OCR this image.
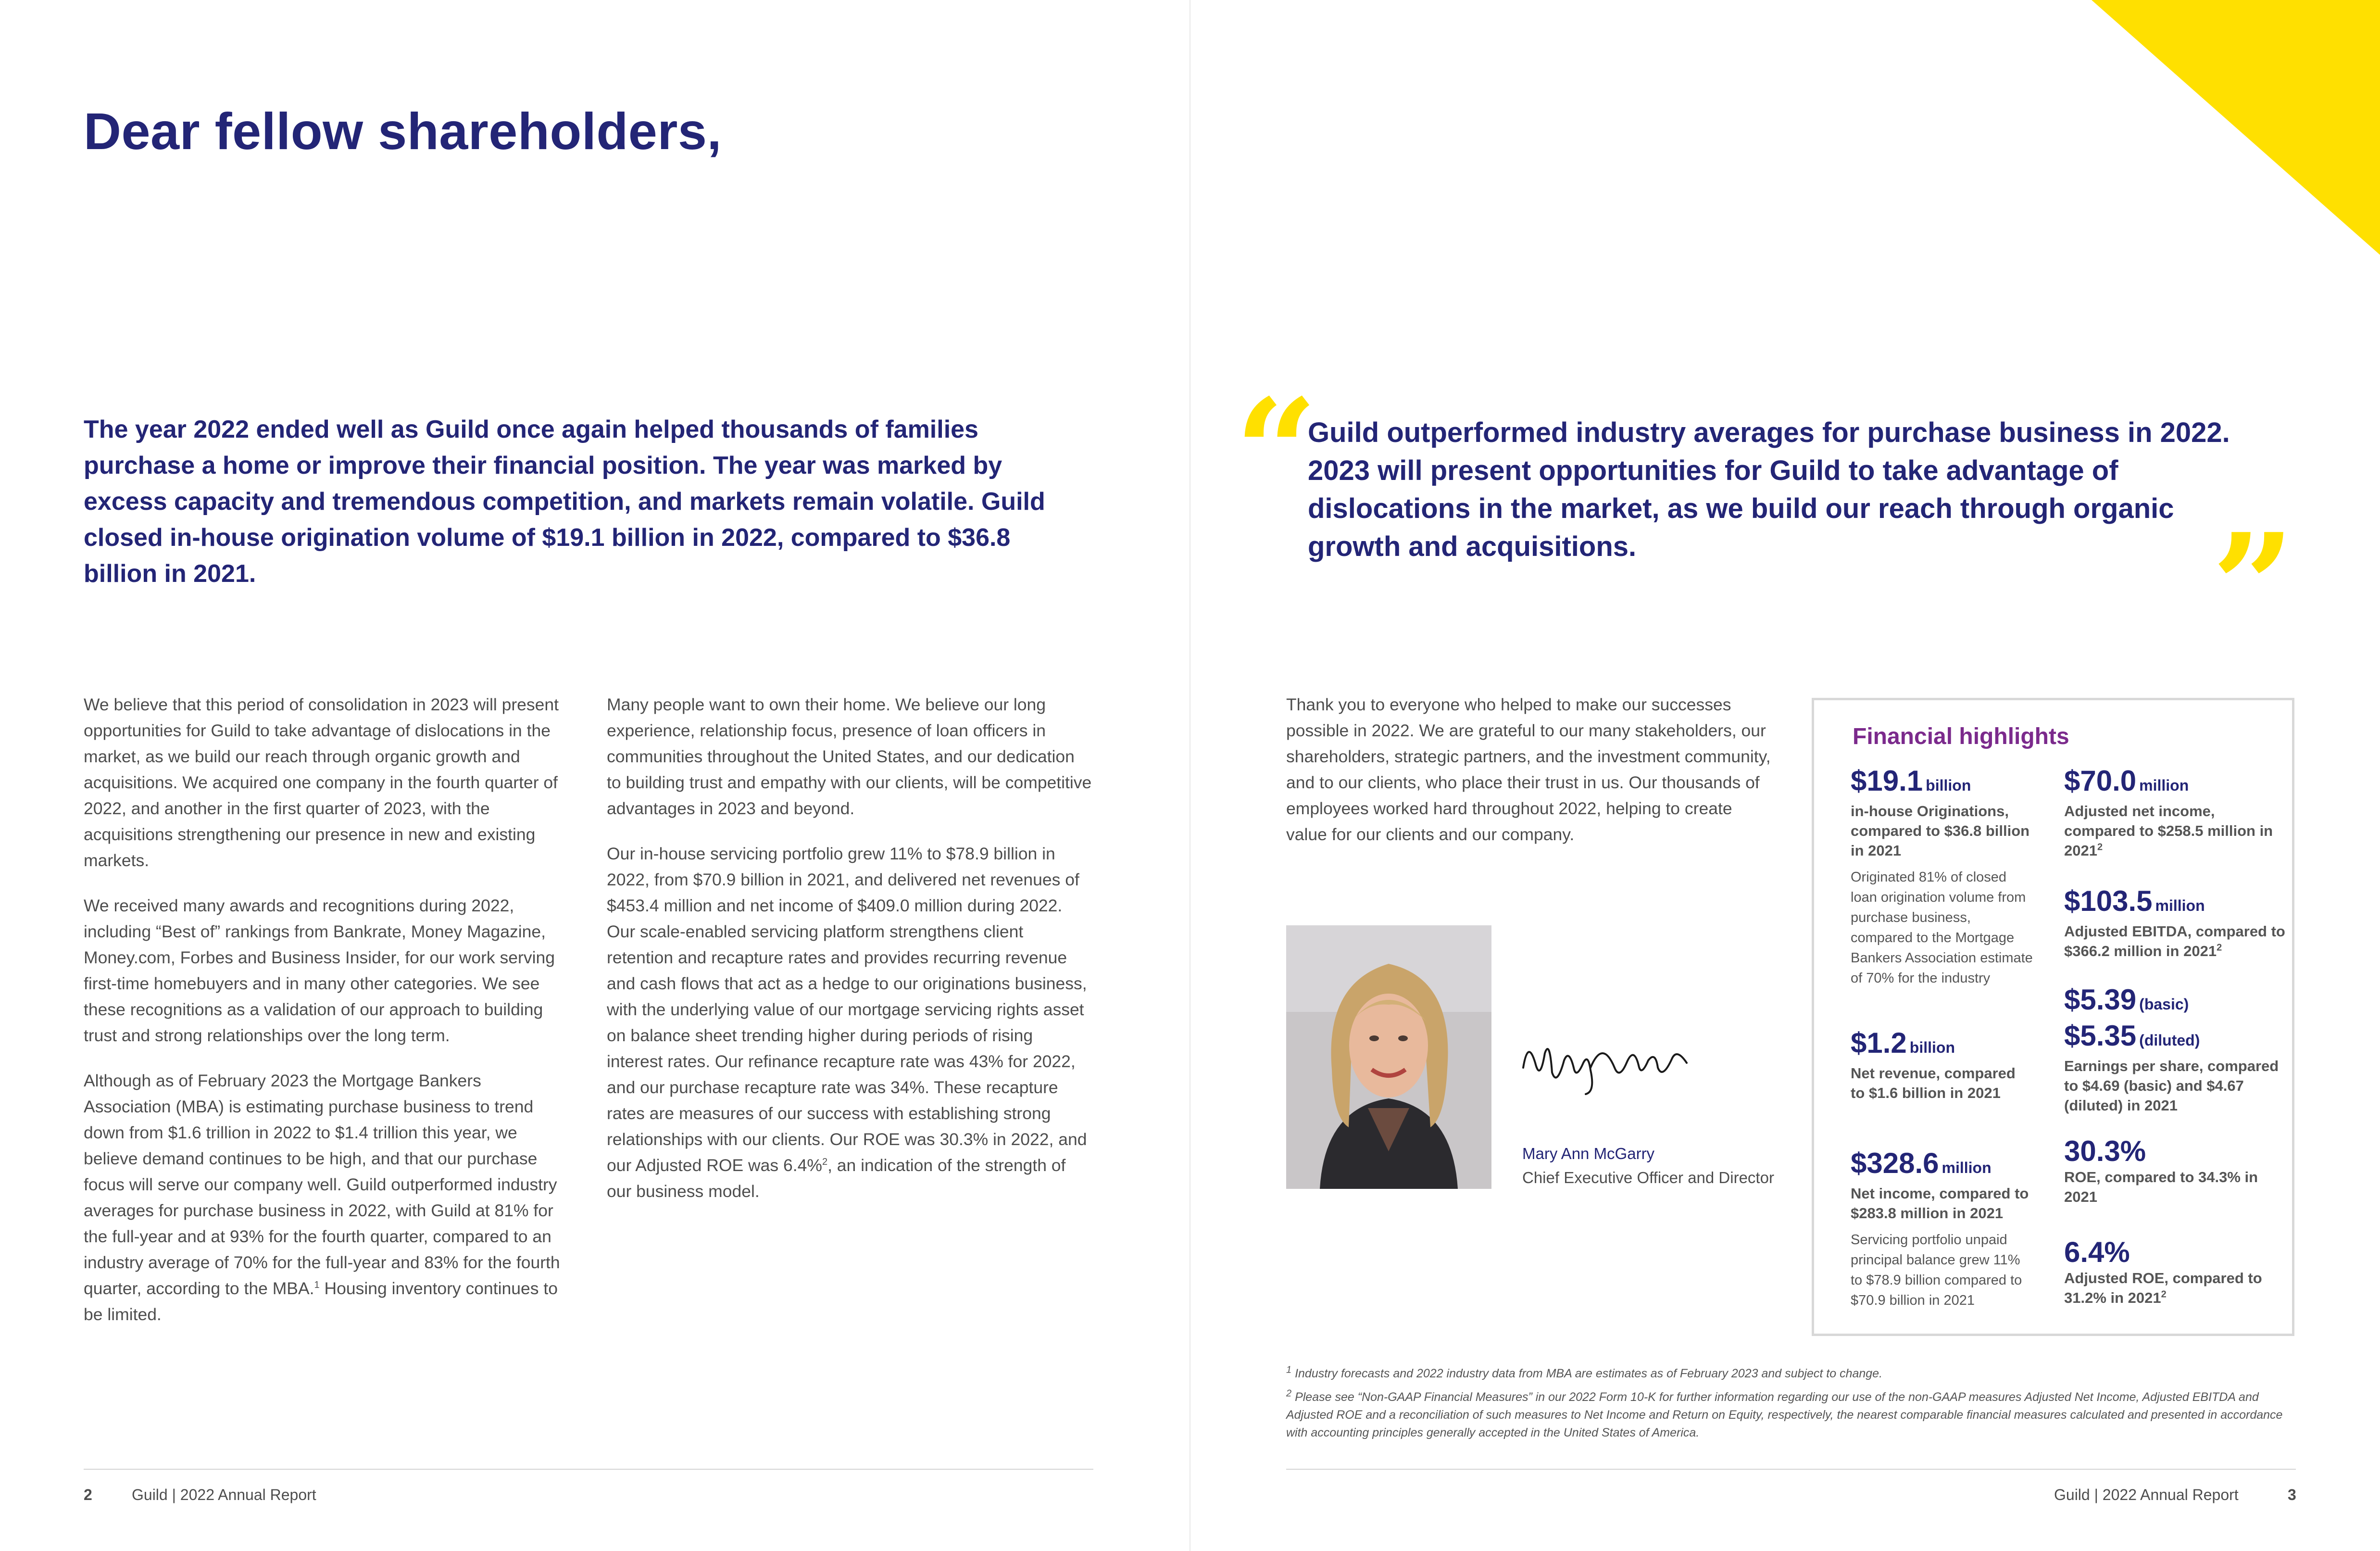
Dear fellow shareholders,

The year 2022 ended well as Guild once again helped thousands of families purchase a home or improve their financial position. The year was marked by excess capacity and tremendous competition, and markets remain volatile. Guild closed in-house origination volume of $19.1 billion in 2022, compared to $36.8 billion in 2021.

We believe that this period of consolidation in 2023 will present opportunities for Guild to take advantage of dislocations in the market, as we build our reach through organic growth and acquisitions. We acquired one company in the fourth quarter of 2022, and another in the first quarter of 2023, with the acquisitions strengthening our presence in new and existing markets.

We received many awards and recognitions during 2022, including “Best of” rankings from Bankrate, Money Magazine, Money.com, Forbes and Business Insider, for our work serving first-time homebuyers and in many other categories. We see these recognitions as a validation of our approach to building trust and strong relationships over the long term.

Although as of February 2023 the Mortgage Bankers Association (MBA) is estimating purchase business to trend down from $1.6 trillion in 2022 to $1.4 trillion this year, we believe demand continues to be high, and that our purchase focus will serve our company well. Guild outperformed industry averages for purchase business in 2022, with Guild at 81% for the full-year and at 93% for the fourth quarter, compared to an industry average of 70% for the full-year and 83% for the fourth quarter, according to the MBA.$^1$ Housing inventory continues to be limited.

Many people want to own their home. We believe our long experience, relationship focus, presence of loan officers in communities throughout the United States, and our dedication to building trust and empathy with our clients, will be competitive advantages in 2023 and beyond.

Our in-house servicing portfolio grew 11% to $78.9 billion in 2022, from $70.9 billion in 2021, and delivered net revenues of $453.4 million and net income of $409.0 million during 2022. Our scale-enabled servicing platform strengthens client retention and recapture rates and provides recurring revenue and cash flows that act as a hedge to our originations business, with the underlying value of our mortgage servicing rights asset on balance sheet trending higher during periods of rising interest rates. Our refinance recapture rate was 43% for 2022, and our purchase recapture rate was 34%. These recapture rates are measures of our success with establishing strong relationships with our clients. Our ROE was 30.3% in 2022, and our Adjusted ROE was 6.4%$^2$, an indication of the strength of our business model.

2	Guild | 2022 Annual Report
“

Guild outperformed industry averages for purchase business in 2022. 2023 will present opportunities for Guild to take advantage of dislocations in the market, as we build our reach through organic growth and acquisitions.	”

Thank you to everyone who helped to make our successes possible in 2022. We are grateful to our many stakeholders, our shareholders, strategic partners, and the investment community, and to our clients, who place their trust in us. Our thousands of employees worked hard throughout 2022, helping to create value for our clients and our company.

Mary Ann McGarry
Chief Executive Officer and Director
Financial highlights
$19.1 billion

in-house Originations, compared to $36.8 billion in 2021

Originated 81% of closed loan origination volume from purchase business, compared to the Mortgage Bankers Association estimate of 70% for the industry

$1.2 billion

Net revenue, compared to $1.6 billion in 2021

$328.6 million

Net income, compared to $283.8 million in 2021

Servicing portfolio unpaid principal balance grew 11% to $78.9 billion compared to $70.9 billion in 2021

$70.0 million

Adjusted net income, compared to $258.5 million in 2021$^2$

$103.5 million

Adjusted EBITDA, compared to $366.2 million in 2021$^2$

$5.39 (basic)
$5.35 (diluted)

Earnings per share, compared to $4.69 (basic) and $4.67 (diluted) in 2021

30.3%

ROE, compared to 34.3% in 2021

6.4%

Adjusted ROE, compared to 31.2% in 2021$^2$

$^1$ Industry forecasts and 2022 industry data from MBA are estimates as of February 2023 and subject to change.

$^2$ Please see “Non-GAAP Financial Measures” in our 2022 Form 10-K for further information regarding our use of the non-GAAP measures Adjusted Net Income, Adjusted EBITDA and Adjusted ROE and a reconciliation of such measures to Net Income and Return on Equity, respectively, the nearest comparable financial measures calculated and presented in accordance with accounting principles generally accepted in the United States of America.

Guild | 2022 Annual Report	3
